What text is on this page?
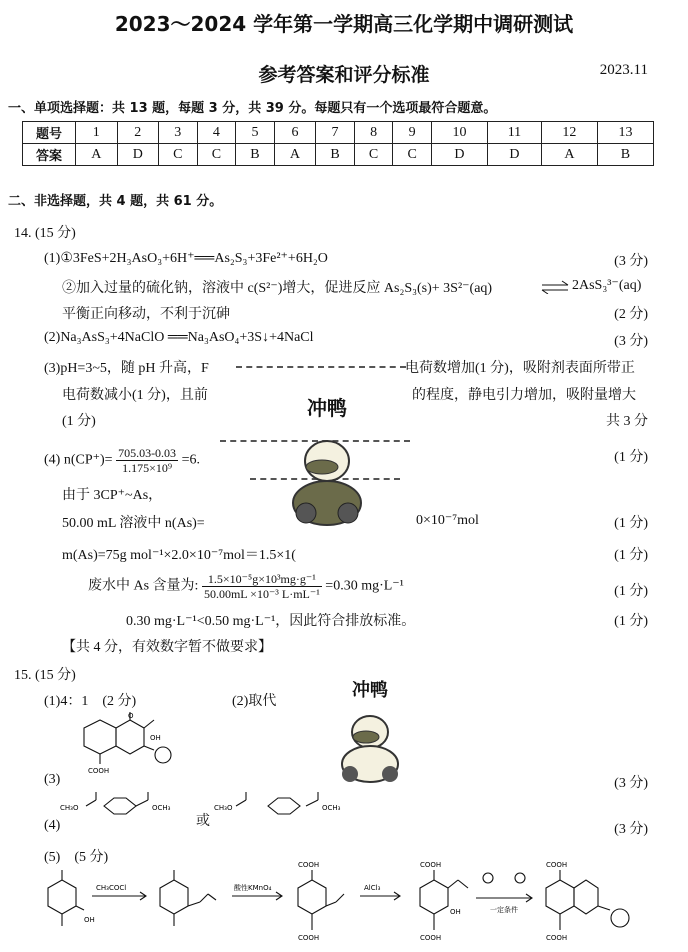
2023～2024 学年第一学期高三化学期中调研测试
参考答案和评分标准	2023.11
一、单项选择题：共 13 题，每题 3 分，共 39 分。每题只有一个选项最符合题意。
题号	1	2	3	4	5	6	7	8	9	10	11	12	13
答案	A	D	C	C	B	A	B	C	C	D	D	A	B
二、非选择题，共 4 题，共 61 分。
14. (15 分)
(1)①3FeS+2H₃AsO₃+6H⁺══As₂S₃+3Fe²⁺+6H₂O	(3 分)
②加入过量的硫化钠，溶液中 c(S²⁻)增大，促进反应 As₂S₃(s)+ 3S²⁻(aq)	⇌ 2AsS₃³⁻(aq)
平衡正向移动，不利于沉砷	(2 分)
(2)Na₃AsS₃+4NaClO ══Na₃AsO₄+3S↓+4NaCl	(3 分)
(3)pH=3~5，随 pH 升高，F	电荷数增加(1 分)，吸附剂表面所带正
电荷数减小(1 分)，且前	的程度，静电引力增加，吸附量增大
(1 分)	共 3 分
(4) $n(CP^+)= \frac{705.03-0.03}{\text{1.175×10⁹}} =6$.	(1 分)
由于 3CP⁺~As，
50.00 mL 溶液中 n(As)=	0×10⁻⁷mol	(1 分)
m(As)=75g mol⁻¹×2.0×10⁻⁷mol＝1.5×1(	(1 分)
废水中 As 含量为: $\frac{\text{1.5×10⁻⁵g×10³mg·g⁻¹}}{\text{50.00mL ×10⁻³ L·mL⁻¹}} =0.30$ mg·L⁻¹	(1 分)
0.30 mg·L⁻¹<0.50 mg·L⁻¹，因此符合排放标准。	(1 分)
【共 4 分，有效数字暂不做要求】
15. (15 分)
(1)4：1　(2 分)	(2)取代
O
OH
COOH
(3)	(3 分)
CH₃O	OCH₃
或
CH₃O	OCH₃
(4)	(3 分)
(5)　(5 分)
OH
CH₃COCl	酸性KMnO₄	AlCl₃
一定条件
COOH
COOH
COOH
COOH
OH
COOH
COOH
冲鸭
冲鸭
